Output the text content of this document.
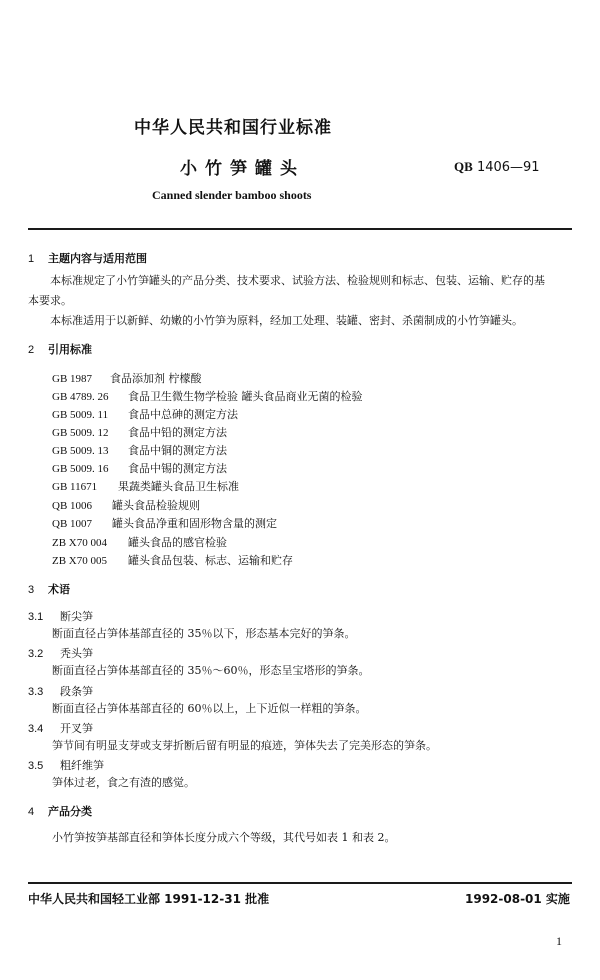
中华人民共和国行业标准
小竹笋罐头	QB 1406—91
Canned slender bamboo shoots
1 主题内容与适用范围
本标准规定了小竹笋罐头的产品分类、技术要求、试验方法、检验规则和标志、包装、运输、贮存的基
本要求。
本标准适用于以新鲜、幼嫩的小竹笋为原料，经加工处理、装罐、密封、杀菌制成的小竹笋罐头。
2 引用标准
GB 1987 食品添加剂 柠檬酸
GB 4789. 26 食品卫生微生物学检验 罐头食品商业无菌的检验
GB 5009. 11 食品中总砷的测定方法
GB 5009. 12 食品中铅的测定方法
GB 5009. 13 食品中铜的测定方法
GB 5009. 16 食品中锡的测定方法
GB 11671 果蔬类罐头食品卫生标准
QB 1006 罐头食品检验规则
QB 1007 罐头食品净重和固形物含量的测定
ZB X70 004 罐头食品的感官检验
ZB X70 005 罐头食品包装、标志、运输和贮存
3 术语
3.1 断尖笋
断面直径占笋体基部直径的 35％以下，形态基本完好的笋条。
3.2 秃头笋
断面直径占笋体基部直径的 35％～60％，形态呈宝塔形的笋条。
3.3 段条笋
断面直径占笋体基部直径的 60％以上，上下近似一样粗的笋条。
3.4 开叉笋
笋节间有明显支芽或支芽折断后留有明显的痕迹，笋体失去了完美形态的笋条。
3.5 粗纤维笋
笋体过老，食之有渣的感觉。
4 产品分类
小竹笋按笋基部直径和笋体长度分成六个等级，其代号如表 1 和表 2。
中华人民共和国轻工业部 1991-12-31 批准	1992-08-01 实施
1
